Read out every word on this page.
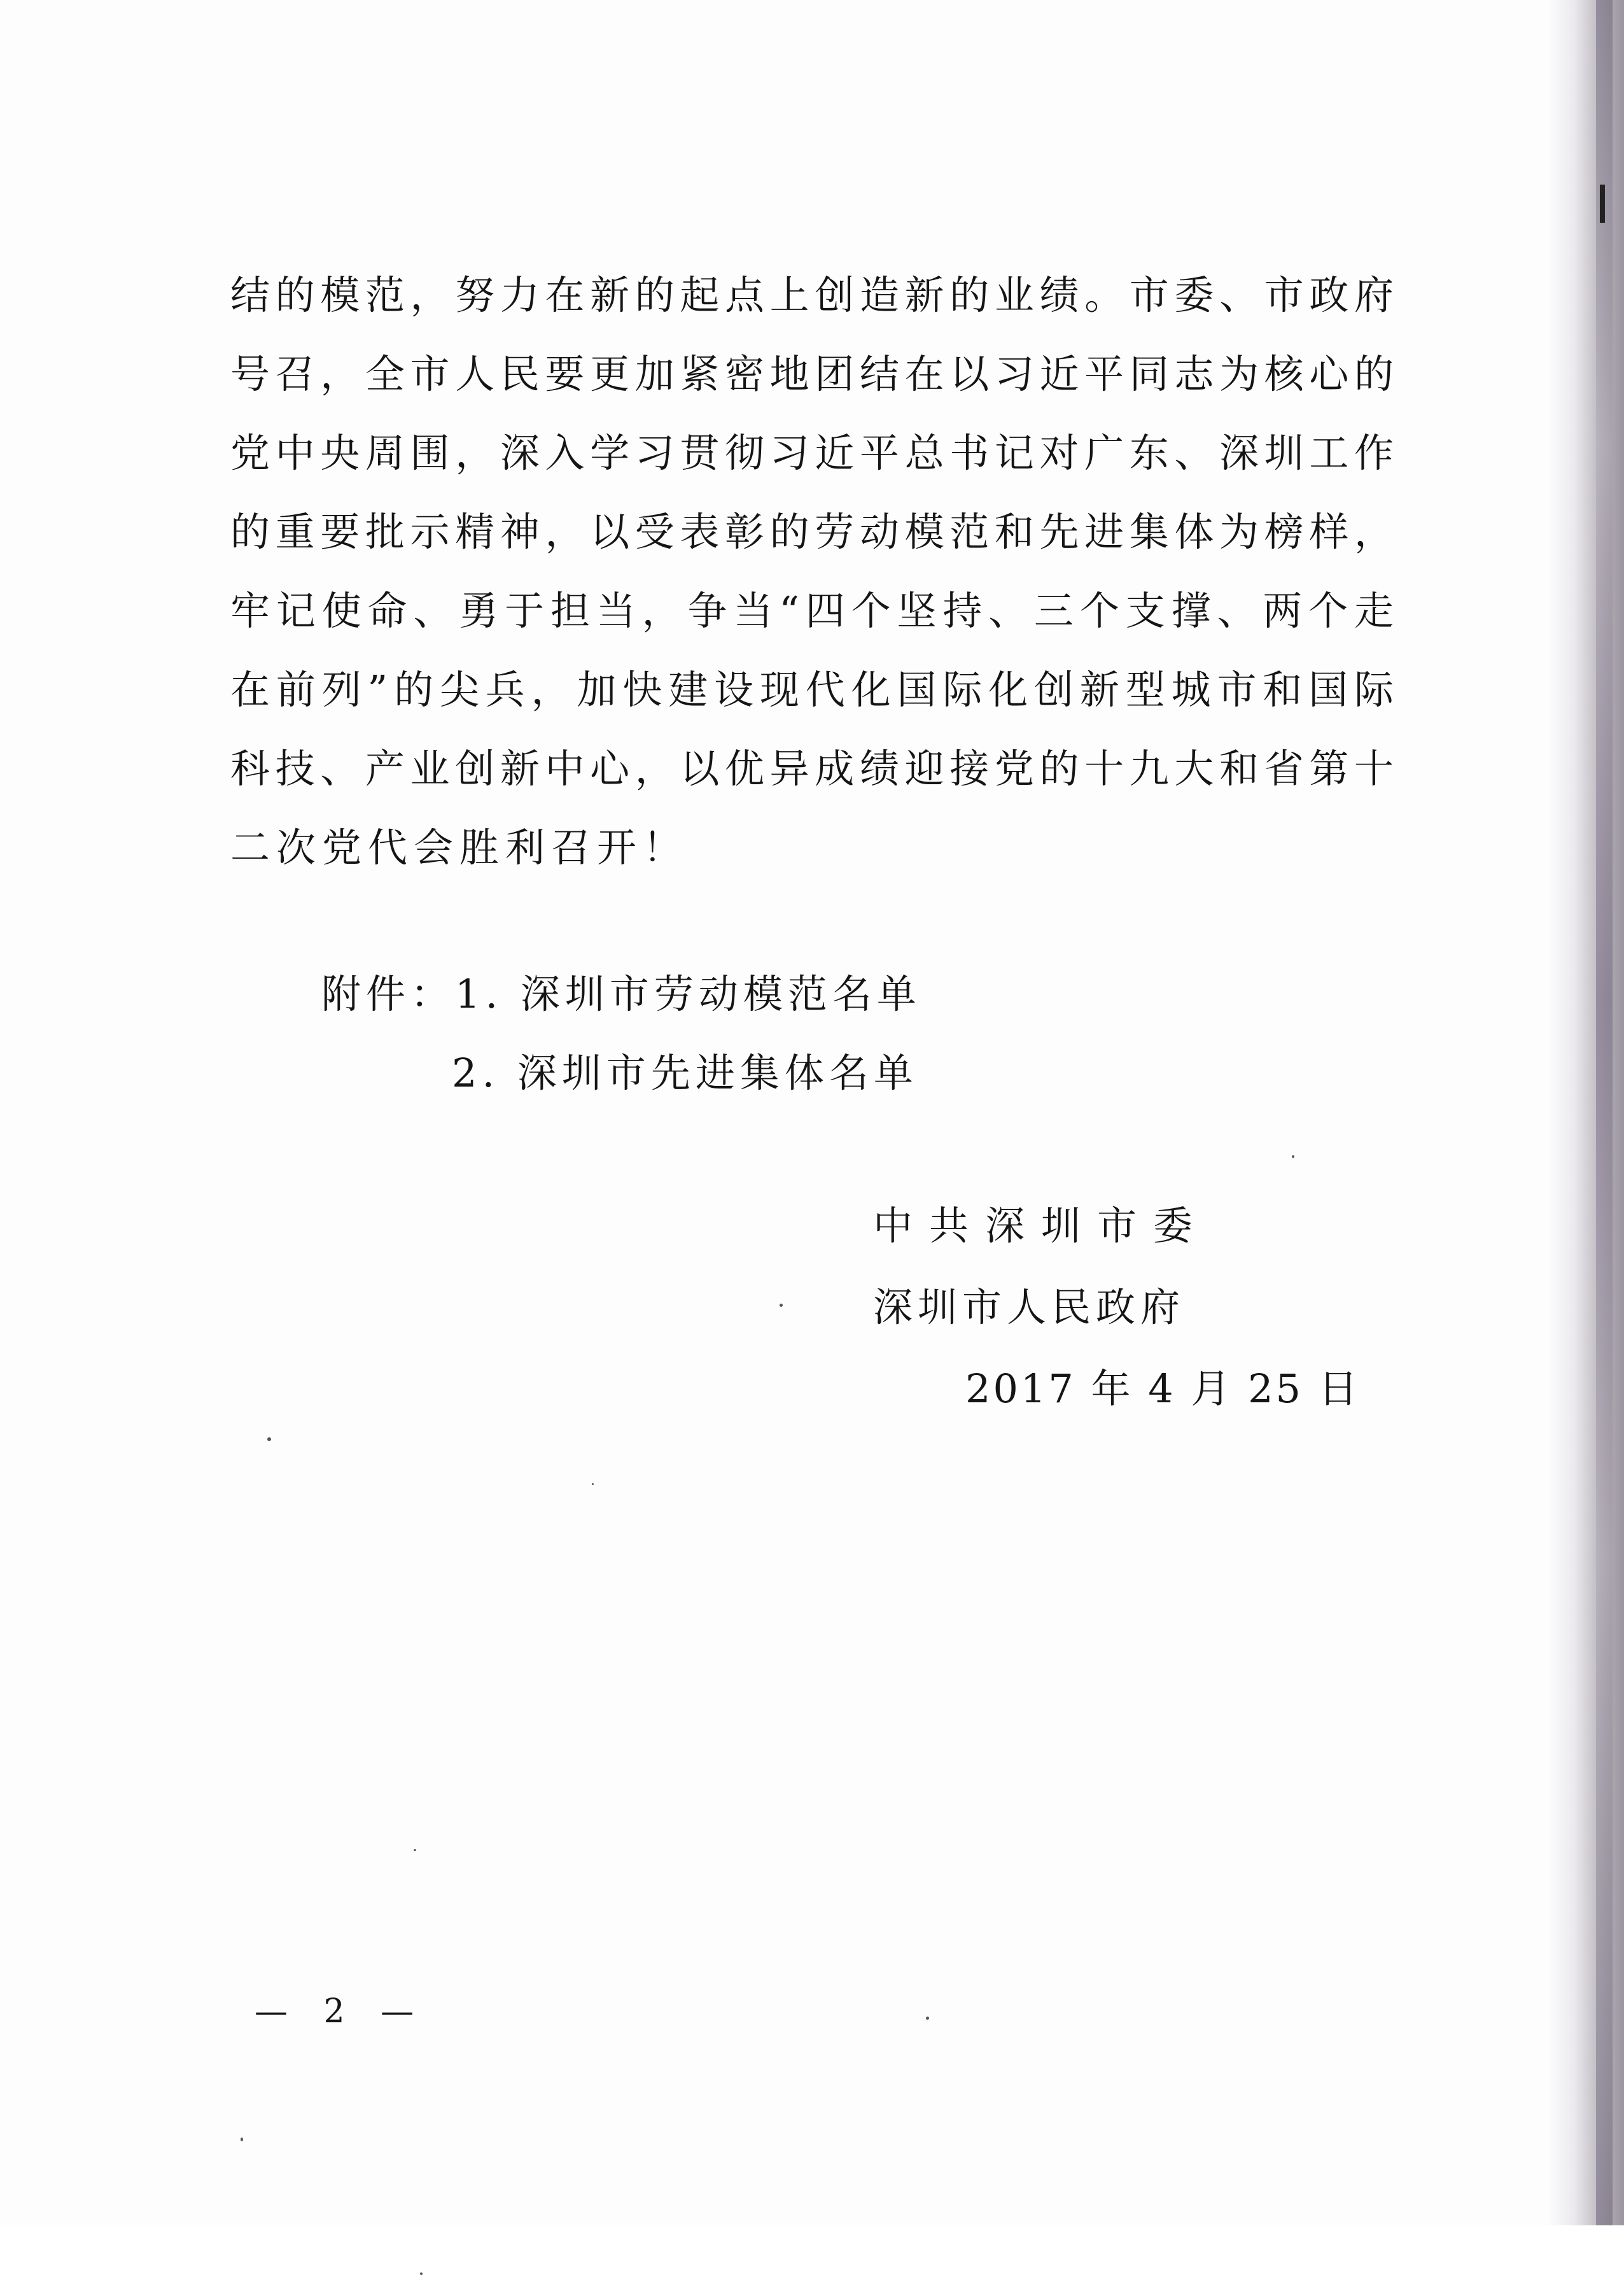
结的模范，努力在新的起点上创造新的业绩。市委、市政府
号召，全市人民要更加紧密地团结在以习近平同志为核心的
党中央周围，深入学习贯彻习近平总书记对广东、深圳工作
的重要批示精神，以受表彰的劳动模范和先进集体为榜样，
牢记使命、勇于担当，争当“四个坚持、三个支撑、两个走
在前列”的尖兵，加快建设现代化国际化创新型城市和国际
科技、产业创新中心，以优异成绩迎接党的十九大和省第十
二次党代会胜利召开！
附件：1. 深圳市劳动模范名单
2. 深圳市先进集体名单
中共深圳市委
深圳市人民政府
2017 年 4 月 25 日
— 2 —
